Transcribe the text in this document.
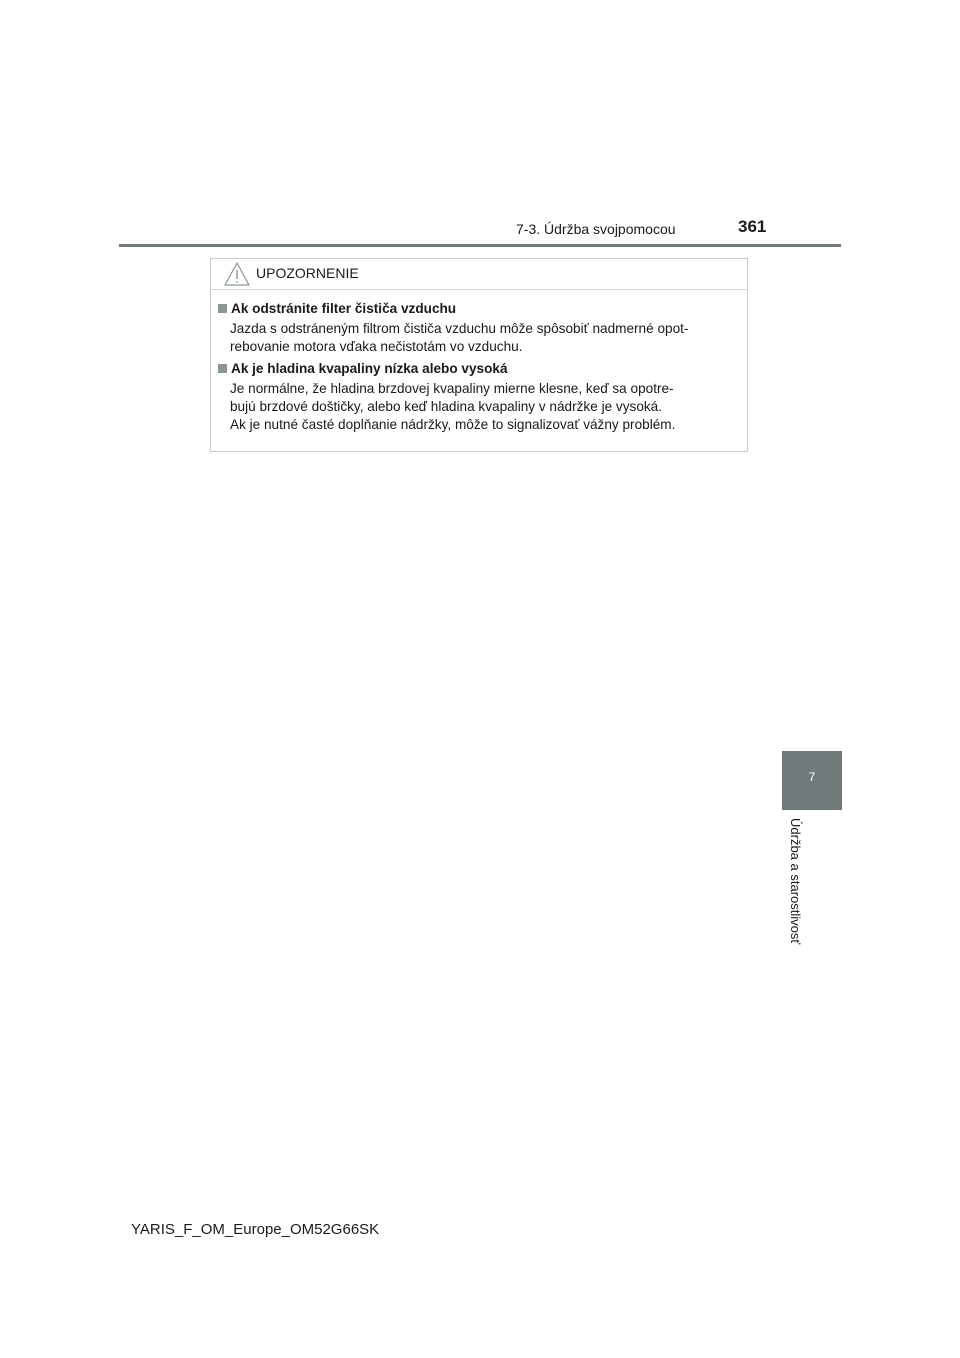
7-3. Údržba svojpomocou	361
7
Údržba a starostlivosť
UPOZORNENIE
Ak odstránite filter čističa vzduchu
Jazda s odstráneným filtrom čističa vzduchu môže spôsobiť nadmerné opot-
rebovanie motora vďaka nečistotám vo vzduchu.
Ak je hladina kvapaliny nízka alebo vysoká
Je normálne, že hladina brzdovej kvapaliny mierne klesne, keď sa opotre-
bujú brzdové doštičky, alebo keď hladina kvapaliny v nádržke je vysoká.
Ak je nutné časté doplňanie nádržky, môže to signalizovať vážny problém.
YARIS_F_OM_Europe_OM52G66SK
